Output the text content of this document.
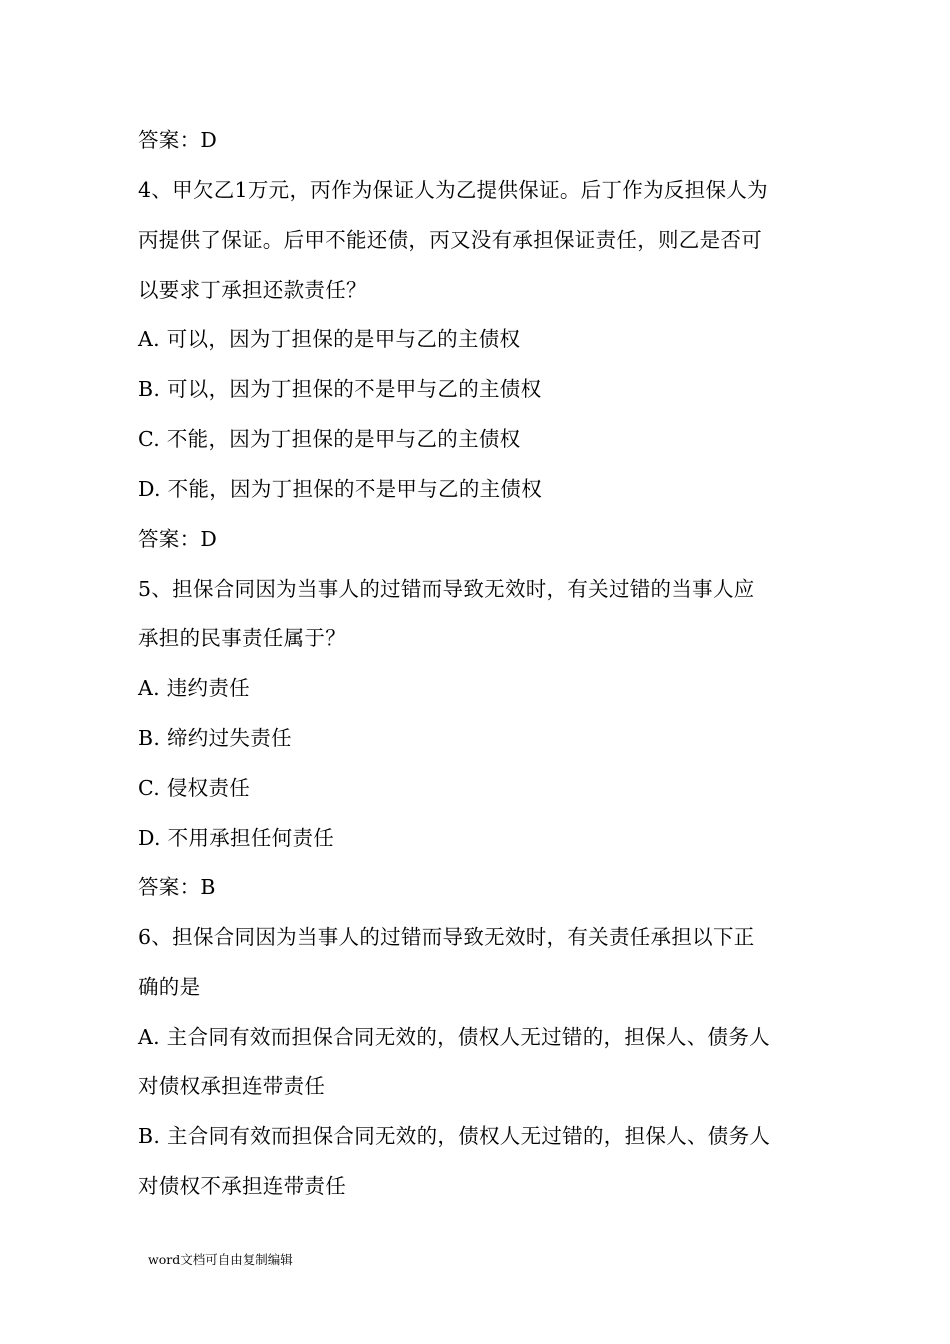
答案：D
4、甲欠乙1万元，丙作为保证人为乙提供保证。后丁作为反担保人为
丙提供了保证。后甲不能还债，丙又没有承担保证责任，则乙是否可
以要求丁承担还款责任？
A. 可以，因为丁担保的是甲与乙的主债权
B. 可以，因为丁担保的不是甲与乙的主债权
C. 不能，因为丁担保的是甲与乙的主债权
D. 不能，因为丁担保的不是甲与乙的主债权
答案：D
5、担保合同因为当事人的过错而导致无效时，有关过错的当事人应
承担的民事责任属于？
A. 违约责任
B. 缔约过失责任
C. 侵权责任
D. 不用承担任何责任
答案：B
6、担保合同因为当事人的过错而导致无效时，有关责任承担以下正
确的是
A. 主合同有效而担保合同无效的，债权人无过错的，担保人、债务人
对债权承担连带责任
B. 主合同有效而担保合同无效的，债权人无过错的，担保人、债务人
对债权不承担连带责任
word文档可自由复制编辑
